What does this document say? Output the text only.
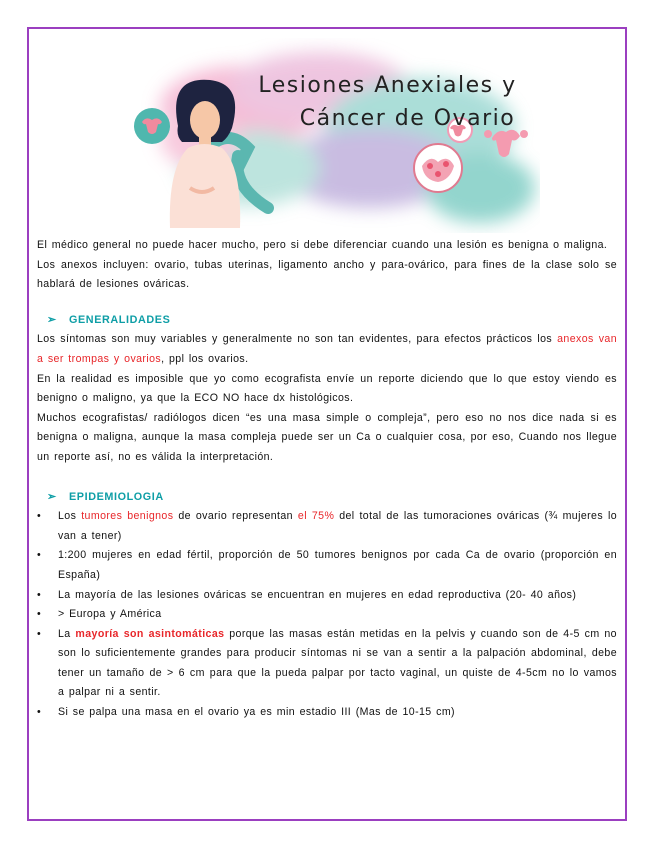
Lesiones Anexiales y
Cáncer de Ovario

El médico general no puede hacer mucho, pero si debe diferenciar cuando una lesión es benigna o maligna.

Los anexos incluyen: ovario, tubas uterinas, ligamento ancho y para-ovárico, para fines de la clase solo se hablará de lesiones ováricas.

➢ GENERALIDADES

Los síntomas son muy variables y generalmente no son tan evidentes, para efectos prácticos los anexos van a ser trompas y ovarios, ppl los ovarios.

En la realidad es imposible que yo como ecografista envíe un reporte diciendo que lo que estoy viendo es benigno o maligno, ya que la ECO NO hace dx histológicos.

Muchos ecografistas/ radiólogos dicen “es una masa simple o compleja”, pero eso no nos dice nada si es benigna o maligna, aunque la masa compleja puede ser un Ca o cualquier cosa, por eso, Cuando nos llegue un reporte así, no es válida la interpretación.

➢ EPIDEMIOLOGIA
• Los tumores benignos de ovario representan el 75% del total de las tumoraciones ováricas (¾ mujeres lo van a tener)
• 1:200 mujeres en edad fértil, proporción de 50 tumores benignos por cada Ca de ovario (proporción en España)
• La mayoría de las lesiones ováricas se encuentran en mujeres en edad reproductiva (20- 40 años)
• > Europa y América
• La mayoría son asintomáticas porque las masas están metidas en la pelvis y cuando son de 4-5 cm no son lo suficientemente grandes para producir síntomas ni se van a sentir a la palpación abdominal, debe tener un tamaño de > 6 cm para que la pueda palpar por tacto vaginal, un quiste de 4-5cm no lo vamos a palpar ni a sentir.
• Si se palpa una masa en el ovario ya es min estadio III (Mas de 10-15 cm)
